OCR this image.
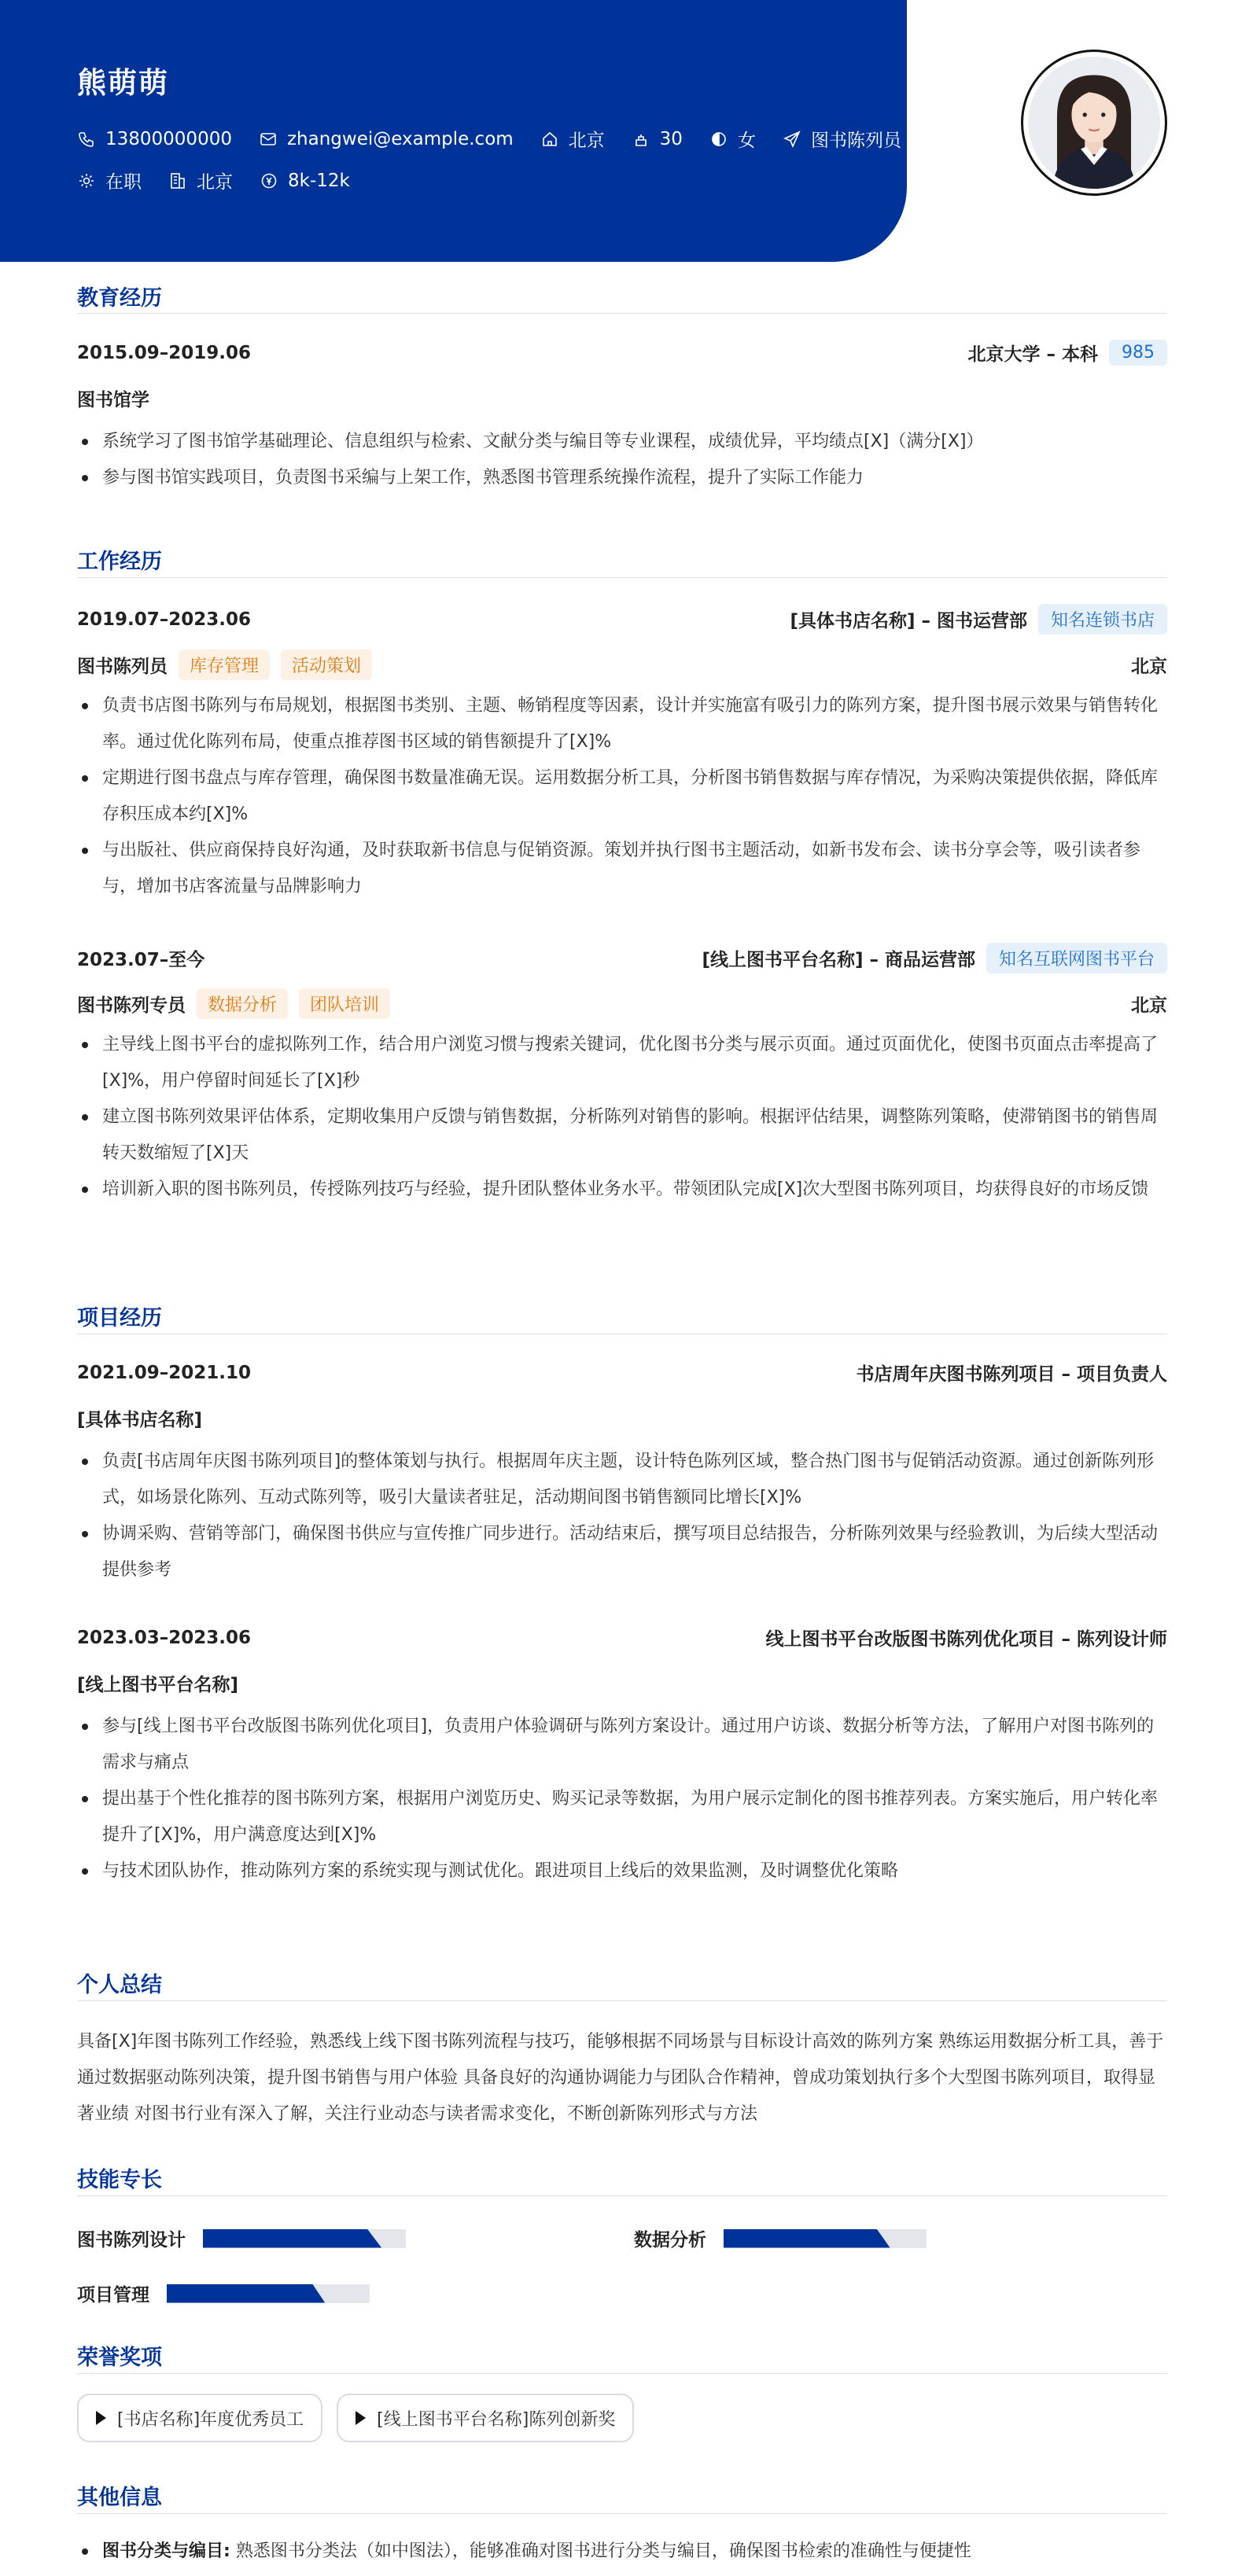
熊萌萌
13800000000	zhangwei@example.com	北京	30	女	图书陈列员
在职	北京	8k-12k
教育经历
2015.09–2019.06	北京大学 – 本科	985
图书馆学
系统学习了图书馆学基础理论、信息组织与检索、文献分类与编目等专业课程，成绩优异，平均绩点[X]（满分[X]）
参与图书馆实践项目，负责图书采编与上架工作，熟悉图书管理系统操作流程，提升了实际工作能力
工作经历
2019.07–2023.06	[具体书店名称] – 图书运营部	知名连锁书店
图书陈列员	库存管理	活动策划	北京
负责书店图书陈列与布局规划，根据图书类别、主题、畅销程度等因素，设计并实施富有吸引力的陈列方案，提升图书展示效果与销售转化率。通过优化陈列布局，使重点推荐图书区域的销售额提升了[X]%
定期进行图书盘点与库存管理，确保图书数量准确无误。运用数据分析工具，分析图书销售数据与库存情况，为采购决策提供依据，降低库存积压成本约[X]%
与出版社、供应商保持良好沟通，及时获取新书信息与促销资源。策划并执行图书主题活动，如新书发布会、读书分享会等，吸引读者参与，增加书店客流量与品牌影响力
2023.07–至今	[线上图书平台名称] – 商品运营部	知名互联网图书平台
图书陈列专员	数据分析	团队培训	北京
主导线上图书平台的虚拟陈列工作，结合用户浏览习惯与搜索关键词，优化图书分类与展示页面。通过页面优化，使图书页面点击率提高了[X]%，用户停留时间延长了[X]秒
建立图书陈列效果评估体系，定期收集用户反馈与销售数据，分析陈列对销售的影响。根据评估结果，调整陈列策略，使滞销图书的销售周转天数缩短了[X]天
培训新入职的图书陈列员，传授陈列技巧与经验，提升团队整体业务水平。带领团队完成[X]次大型图书陈列项目，均获得良好的市场反馈
项目经历
2021.09–2021.10	书店周年庆图书陈列项目 – 项目负责人
[具体书店名称]
负责[书店周年庆图书陈列项目]的整体策划与执行。根据周年庆主题，设计特色陈列区域，整合热门图书与促销活动资源。通过创新陈列形式，如场景化陈列、互动式陈列等，吸引大量读者驻足，活动期间图书销售额同比增长[X]%
协调采购、营销等部门，确保图书供应与宣传推广同步进行。活动结束后，撰写项目总结报告，分析陈列效果与经验教训，为后续大型活动提供参考
2023.03–2023.06	线上图书平台改版图书陈列优化项目 – 陈列设计师
[线上图书平台名称]
参与[线上图书平台改版图书陈列优化项目]，负责用户体验调研与陈列方案设计。通过用户访谈、数据分析等方法，了解用户对图书陈列的需求与痛点
提出基于个性化推荐的图书陈列方案，根据用户浏览历史、购买记录等数据，为用户展示定制化的图书推荐列表。方案实施后，用户转化率提升了[X]%，用户满意度达到[X]%
与技术团队协作，推动陈列方案的系统实现与测试优化。跟进项目上线后的效果监测，及时调整优化策略
个人总结
具备[X]年图书陈列工作经验，熟悉线上线下图书陈列流程与技巧，能够根据不同场景与目标设计高效的陈列方案 熟练运用数据分析工具，善于通过数据驱动陈列决策，提升图书销售与用户体验 具备良好的沟通协调能力与团队合作精神，曾成功策划执行多个大型图书陈列项目，取得显著业绩 对图书行业有深入了解，关注行业动态与读者需求变化，不断创新陈列形式与方法
技能专长
图书陈列设计	数据分析
项目管理
荣誉奖项
[书店名称]年度优秀员工	[线上图书平台名称]陈列创新奖
其他信息
图书分类与编目: 熟悉图书分类法（如中图法），能够准确对图书进行分类与编目，确保图书检索的准确性与便捷性
